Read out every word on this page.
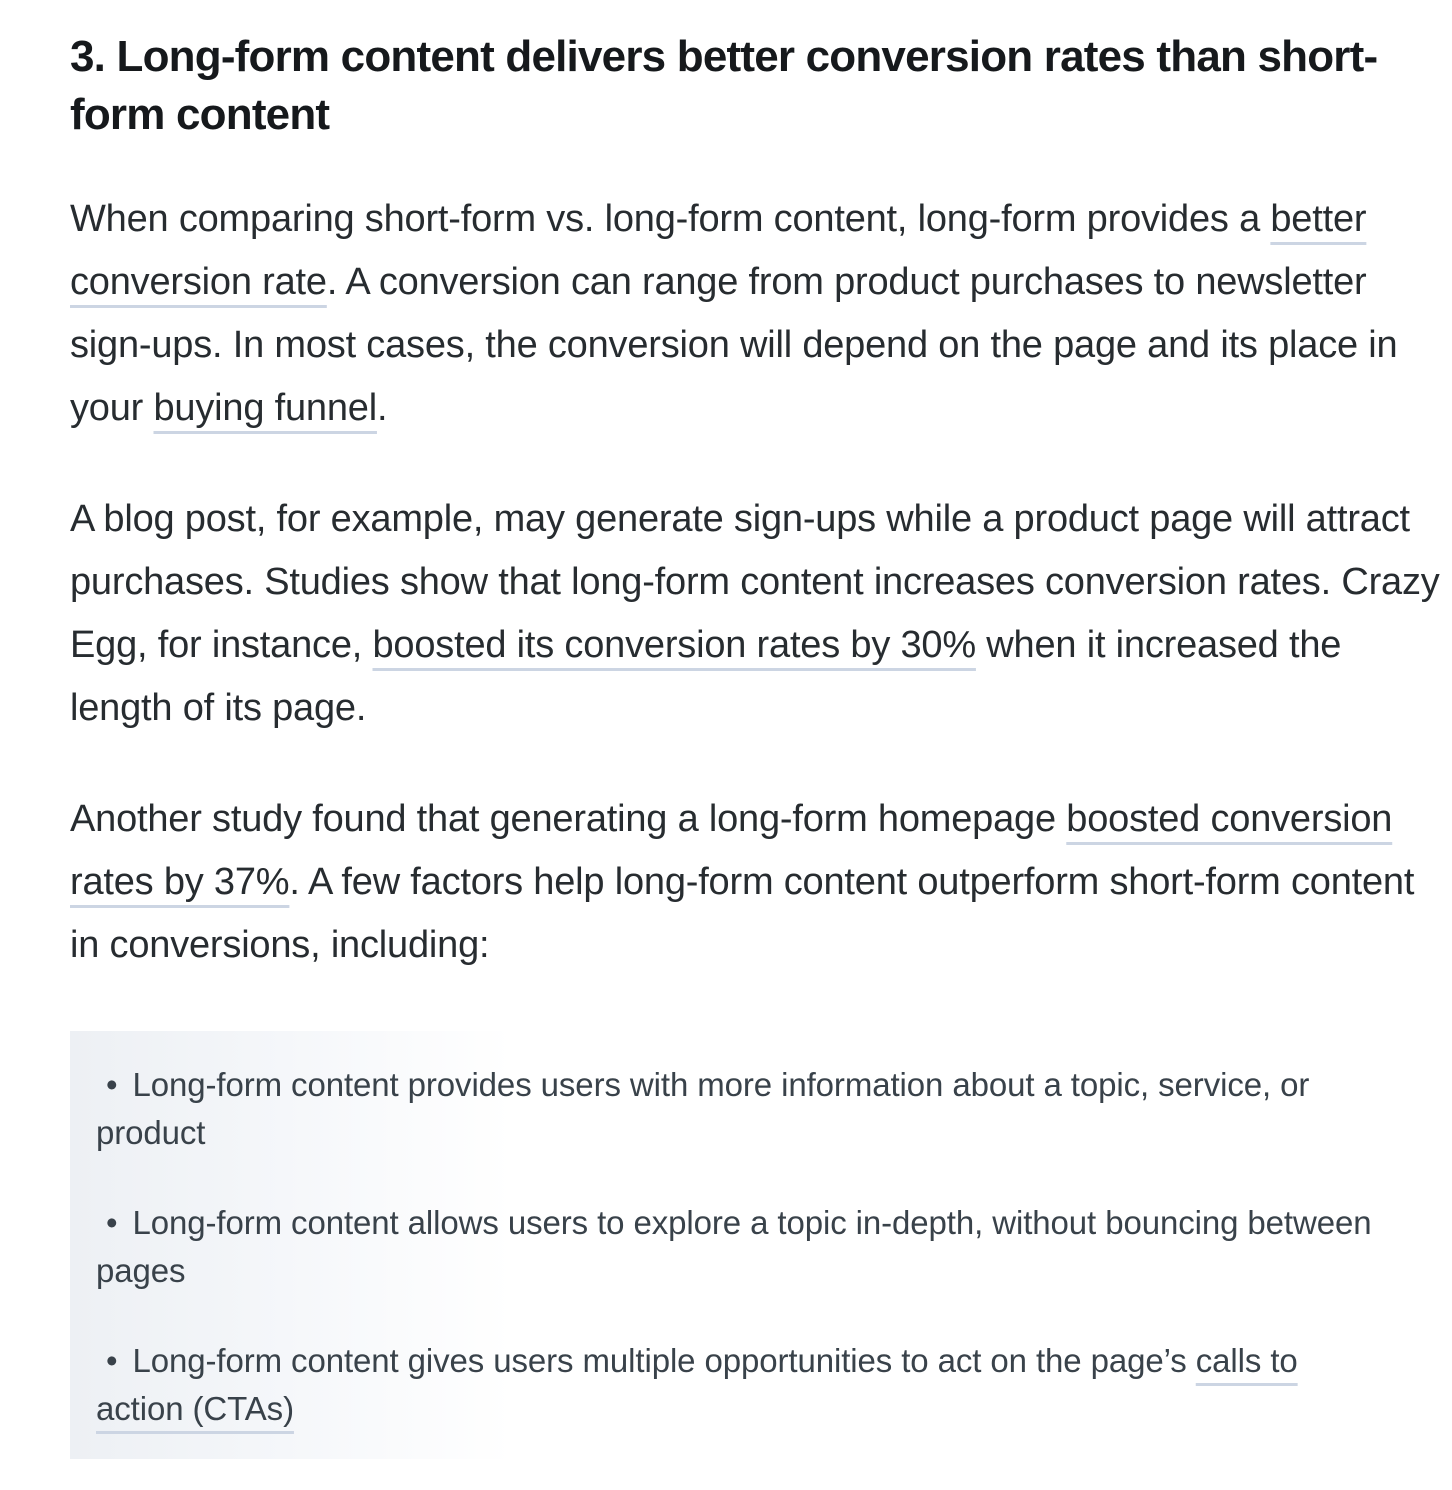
3. Long-form content delivers better conversion rates than short-form content

When comparing short-form vs. long-form content, long-form provides a better conversion rate. A conversion can range from product purchases to newsletter sign-ups. In most cases, the conversion will depend on the page and its place in your buying funnel.

A blog post, for example, may generate sign-ups while a product page will attract purchases. Studies show that long-form content increases conversion rates. Crazy Egg, for instance, boosted its conversion rates by 30% when it increased the length of its page.

Another study found that generating a long-form homepage boosted conversion rates by 37%. A few factors help long-form content outperform short-form content in conversions, including:

• Long-form content provides users with more information about a topic, service, or product
• Long-form content allows users to explore a topic in-depth, without bouncing between pages
• Long-form content gives users multiple opportunities to act on the page’s calls to action (CTAs)
